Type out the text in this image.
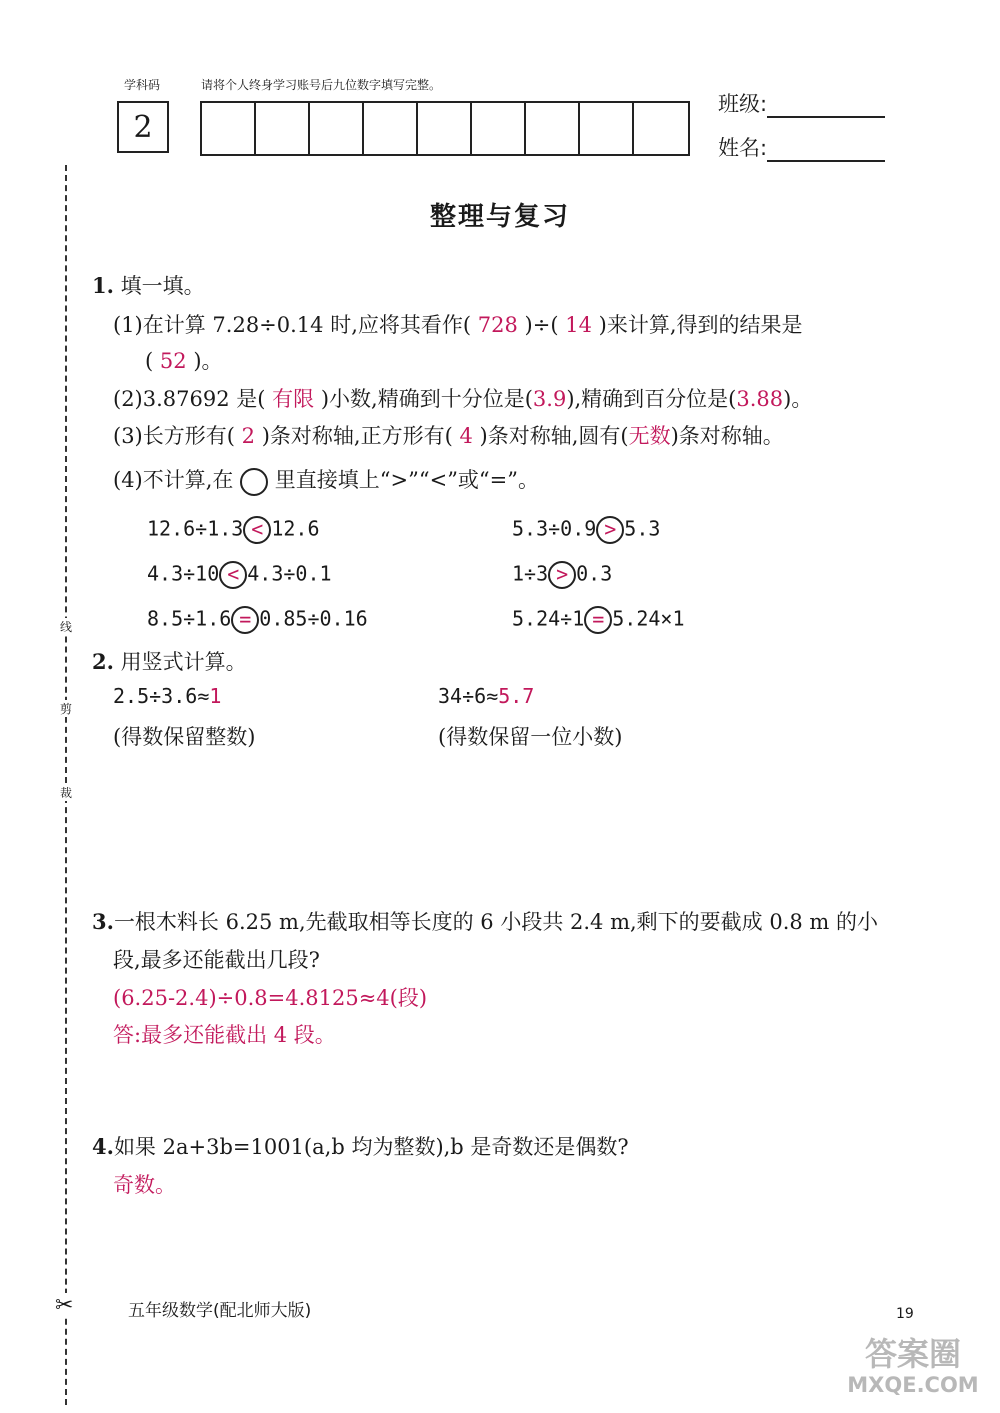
学科码	请将个人终身学习账号后九位数字填写完整。
2
班级:
姓名:
线
剪
裁
✂
整理与复习
1. 填一填。
(1)在计算 7.28÷0.14 时,应将其看作( 728 )÷( 14 )来计算,得到的结果是
( 52 )。
(2)3.87692 是( 有限 )小数,精确到十分位是(3.9),精确到百分位是(3.88)。
(3)长方形有( 2 )条对称轴,正方形有( 4 )条对称轴,圆有(无数)条对称轴。
(4)不计算,在 里直接填上“>”“<”或“=”。
12.6÷1.3 < 12.6	5.3÷0.9 > 5.3
4.3÷10 < 4.3÷0.1	1÷3 > 0.3
8.5÷1.6 = 0.85÷0.16	5.24÷1 = 5.24×1
2. 用竖式计算。
2.5÷3.6≈1
(得数保留整数)
34÷6≈5.7
(得数保留一位小数)
3.一根木料长 6.25 m,先截取相等长度的 6 小段共 2.4 m,剩下的要截成 0.8 m 的小
段,最多还能截出几段?
(6.25-2.4)÷0.8=4.8125≈4(段)
答:最多还能截出 4 段。
4.如果 2a+3b=1001(a,b 均为整数),b 是奇数还是偶数?
奇数。
五年级数学(配北师大版)	19
答案圈
MXQE.COM
